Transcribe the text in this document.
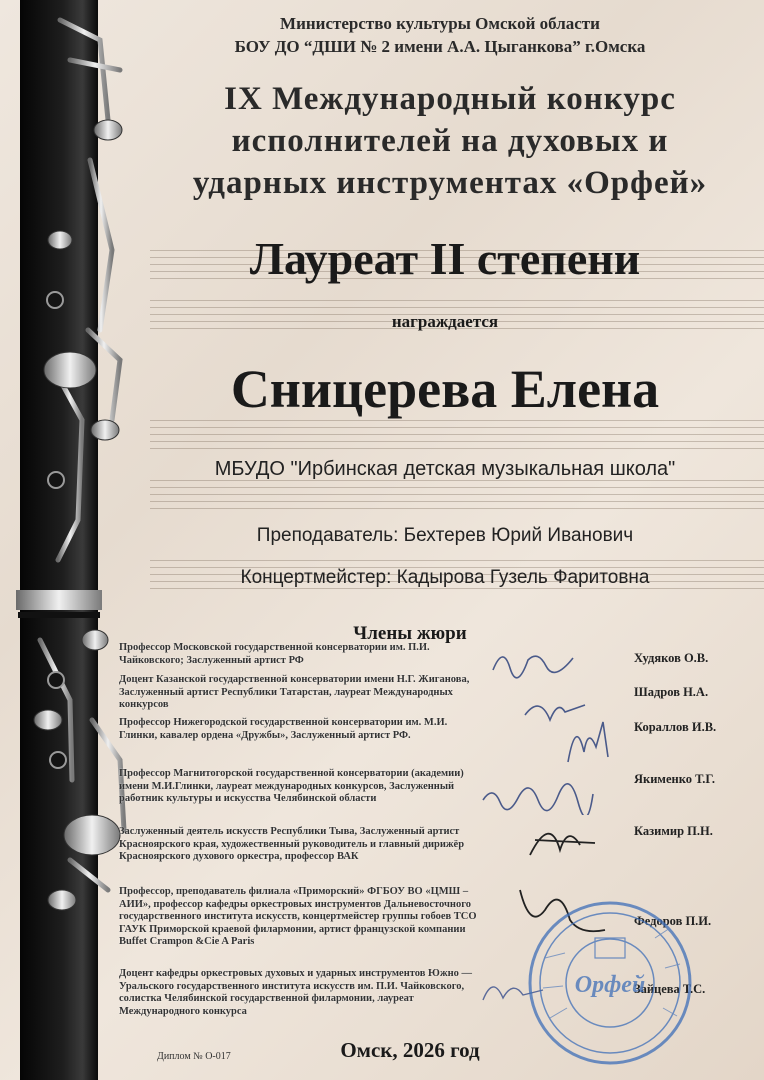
Министерство культуры Омской области
БОУ ДО “ДШИ № 2 имени А.А. Цыганкова” г.Омска
IX Международный конкурс
исполнителей на духовых и
ударных инструментах «Орфей»
Лауреат II степени
награждается
Сницерева Елена
МБУДО "Ирбинская детская музыкальная школа"
Преподаватель: Бехтерев Юрий Иванович
Концертмейстер: Кадырова Гузель Фаритовна
Члены жюри
Профессор Московской государственной консерватории им. П.И. Чайковского; Заслуженный артист РФ
Доцент Казанской государственной консерватории имени Н.Г. Жиганова, Заслуженный артист Республики Татарстан, лауреат Международных конкурсов
Профессор Нижегородской государственной консерватории им. М.И. Глинки, кавалер ордена «Дружбы», Заслуженный артист РФ.
Профессор Магнитогорской государственной консерватории (академии) имени М.И.Глинки, лауреат международных конкурсов, Заслуженный работник культуры и искусства Челябинской области
Заслуженный деятель искусств Республики Тыва, Заслуженный артист Красноярского края, художественный руководитель и главный дирижёр Красноярского духового оркестра, профессор ВАК
Профессор, преподаватель филиала «Приморский» ФГБОУ ВО «ЦМШ – АИИ», профессор кафедры оркестровых инструментов Дальневосточного государственного института искусств, концертмейстер группы гобоев ТСО ГАУК Приморской краевой филармонии, артист французской компании Buffet Crampon &Cie A Paris
Доцент кафедры оркестровых духовых и ударных инструментов Южно — Уральского государственного института искусств им. П.И. Чайковского, солистка Челябинской государственной филармонии, лауреат Международного конкурса
Худяков О.В.
Шадров Н.А.
Кораллов И.В.
Якименко Т.Г.
Казимир П.Н.
Федоров П.И.
Зайцева Т.С.
Орфей
Омск, 2026 год
Диплом № О-017
